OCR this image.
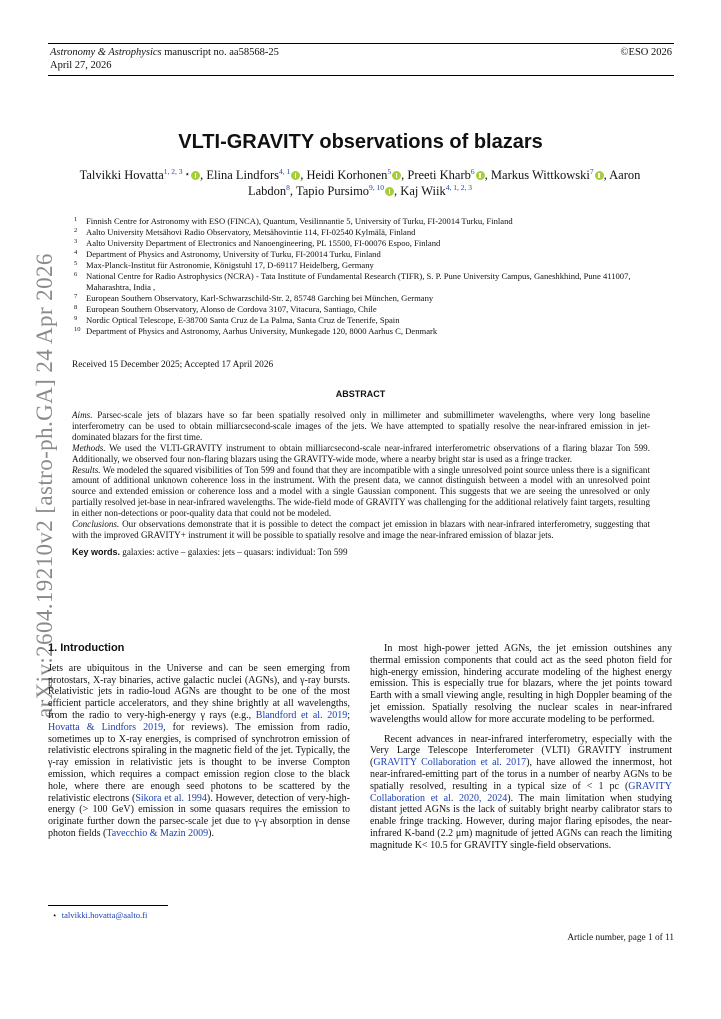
Astronomy & Astrophysics manuscript no. aa58568-25
April 27, 2026
©ESO 2026
arXiv:2604.19210v2 [astro-ph.GA] 24 Apr 2026
VLTI-GRAVITY observations of blazars
Talvikki Hovatta$^{1, 2, 3}$ ⋆ , Elina Lindfors$^{4, 1}$ , Heidi Korhonen$^5$ , Preeti Kharb$^6$ , Markus Wittkowski$^7$ , Aaron Labdon$^8$, Tapio Pursimo$^{9, 10}$ , Kaj Wiik$^{4, 1, 2, 3}$
1 Finnish Centre for Astronomy with ESO (FINCA), Quantum, Vesilinnantie 5, University of Turku, FI-20014 Turku, Finland
2 Aalto University Metsähovi Radio Observatory, Metsähovintie 114, FI-02540 Kylmälä, Finland
3 Aalto University Department of Electronics and Nanoengineering, PL 15500, FI-00076 Espoo, Finland
4 Department of Physics and Astronomy, University of Turku, FI-20014 Turku, Finland
5 Max-Planck-Institut für Astronomie, Königstuhl 17, D-69117 Heidelberg, Germany
6 National Centre for Radio Astrophysics (NCRA) - Tata Institute of Fundamental Research (TIFR), S. P. Pune University Campus, Ganeshkhind, Pune 411007, Maharashtra, India ,
7 European Southern Observatory, Karl-Schwarzschild-Str. 2, 85748 Garching bei München, Germany
8 European Southern Observatory, Alonso de Cordova 3107, Vitacura, Santiago, Chile
9 Nordic Optical Telescope, E-38700 Santa Cruz de La Palma, Santa Cruz de Tenerife, Spain
10 Department of Physics and Astronomy, Aarhus University, Munkegade 120, 8000 Aarhus C, Denmark
Received 15 December 2025; Accepted 17 April 2026
ABSTRACT

Aims. Parsec-scale jets of blazars have so far been spatially resolved only in millimeter and submillimeter wavelengths, where very long baseline interferometry can be used to obtain milliarcsecond-scale images of the jets. We have attempted to spatially resolve the near-infrared emission in jet-dominated blazars for the first time.

Methods. We used the VLTI-GRAVITY instrument to obtain milliarcsecond-scale near-infrared interferometric observations of a flaring blazar Ton 599. Additionally, we observed four non-flaring blazars using the GRAVITY-wide mode, where a nearby bright star is used as a fringe tracker.

Results. We modeled the squared visibilities of Ton 599 and found that they are incompatible with a single unresolved point source unless there is a significant amount of additional unknown coherence loss in the instrument. With the present data, we cannot distinguish between a model with an unresolved point source and extended emission or coherence loss and a model with a single Gaussian component. This suggests that we are seeing the unresolved or only partially resolved jet-base in near-infrared wavelengths. The wide-field mode of GRAVITY was challenging for the additional relatively faint targets, resulting in either non-detections or poor-quality data that could not be modeled.

Conclusions. Our observations demonstrate that it is possible to detect the compact jet emission in blazars with near-infrared interferometry, suggesting that with the improved GRAVITY+ instrument it will be possible to spatially resolve and image the near-infrared emission of blazar jets.

Key words. galaxies: active – galaxies: jets – quasars: individual: Ton 599

1. Introduction

Jets are ubiquitous in the Universe and can be seen emerging from protostars, X-ray binaries, active galactic nuclei (AGNs), and γ-ray bursts. Relativistic jets in radio-loud AGNs are thought to be one of the most efficient particle accelerators, and they shine brightly at all wavelengths, from the radio to very-high-energy γ rays (e.g., Blandford et al. 2019; Hovatta & Lindfors 2019, for reviews). The emission from radio, sometimes up to X-ray energies, is comprised of synchrotron emission of relativistic electrons spiraling in the magnetic field of the jet. Typically, the γ-ray emission in relativistic jets is thought to be inverse Compton emission, which requires a compact emission region close to the black hole, where there are enough seed photons to be scattered by the relativistic electrons (Sikora et al. 1994). However, detection of very-high-energy (> 100 GeV) emission in some quasars requires the emission to originate further down the parsec-scale jet due to γ-γ absorption in dense photon fields (Tavecchio & Mazin 2009).

In most high-power jetted AGNs, the jet emission outshines any thermal emission components that could act as the seed photon field for high-energy emission, hindering accurate modeling of the highest energy emission. This is especially true for blazars, where the jet points toward Earth with a small viewing angle, resulting in high Doppler beaming of the jet emission. Spatially resolving the nuclear scales in near-infrared wavelengths would allow for more accurate modeling to be performed.

Recent advances in near-infrared interferometry, especially with the Very Large Telescope Interferometer (VLTI) GRAVITY instrument (GRAVITY Collaboration et al. 2017), have allowed the innermost, hot near-infrared-emitting part of the torus in a number of nearby AGNs to be spatially resolved, resulting in a typical size of < 1 pc (GRAVITY Collaboration et al. 2020, 2024). The main limitation when studying distant jetted AGNs is the lack of suitably bright nearby calibrator stars to enable fringe tracking. However, during major flaring episodes, the near-infrared K-band (2.2 μm) magnitude of jetted AGNs can reach the limiting magnitude K< 10.5 for GRAVITY single-field observations.

⋆ talvikki.hovatta@aalto.fi
Article number, page 1 of 11
